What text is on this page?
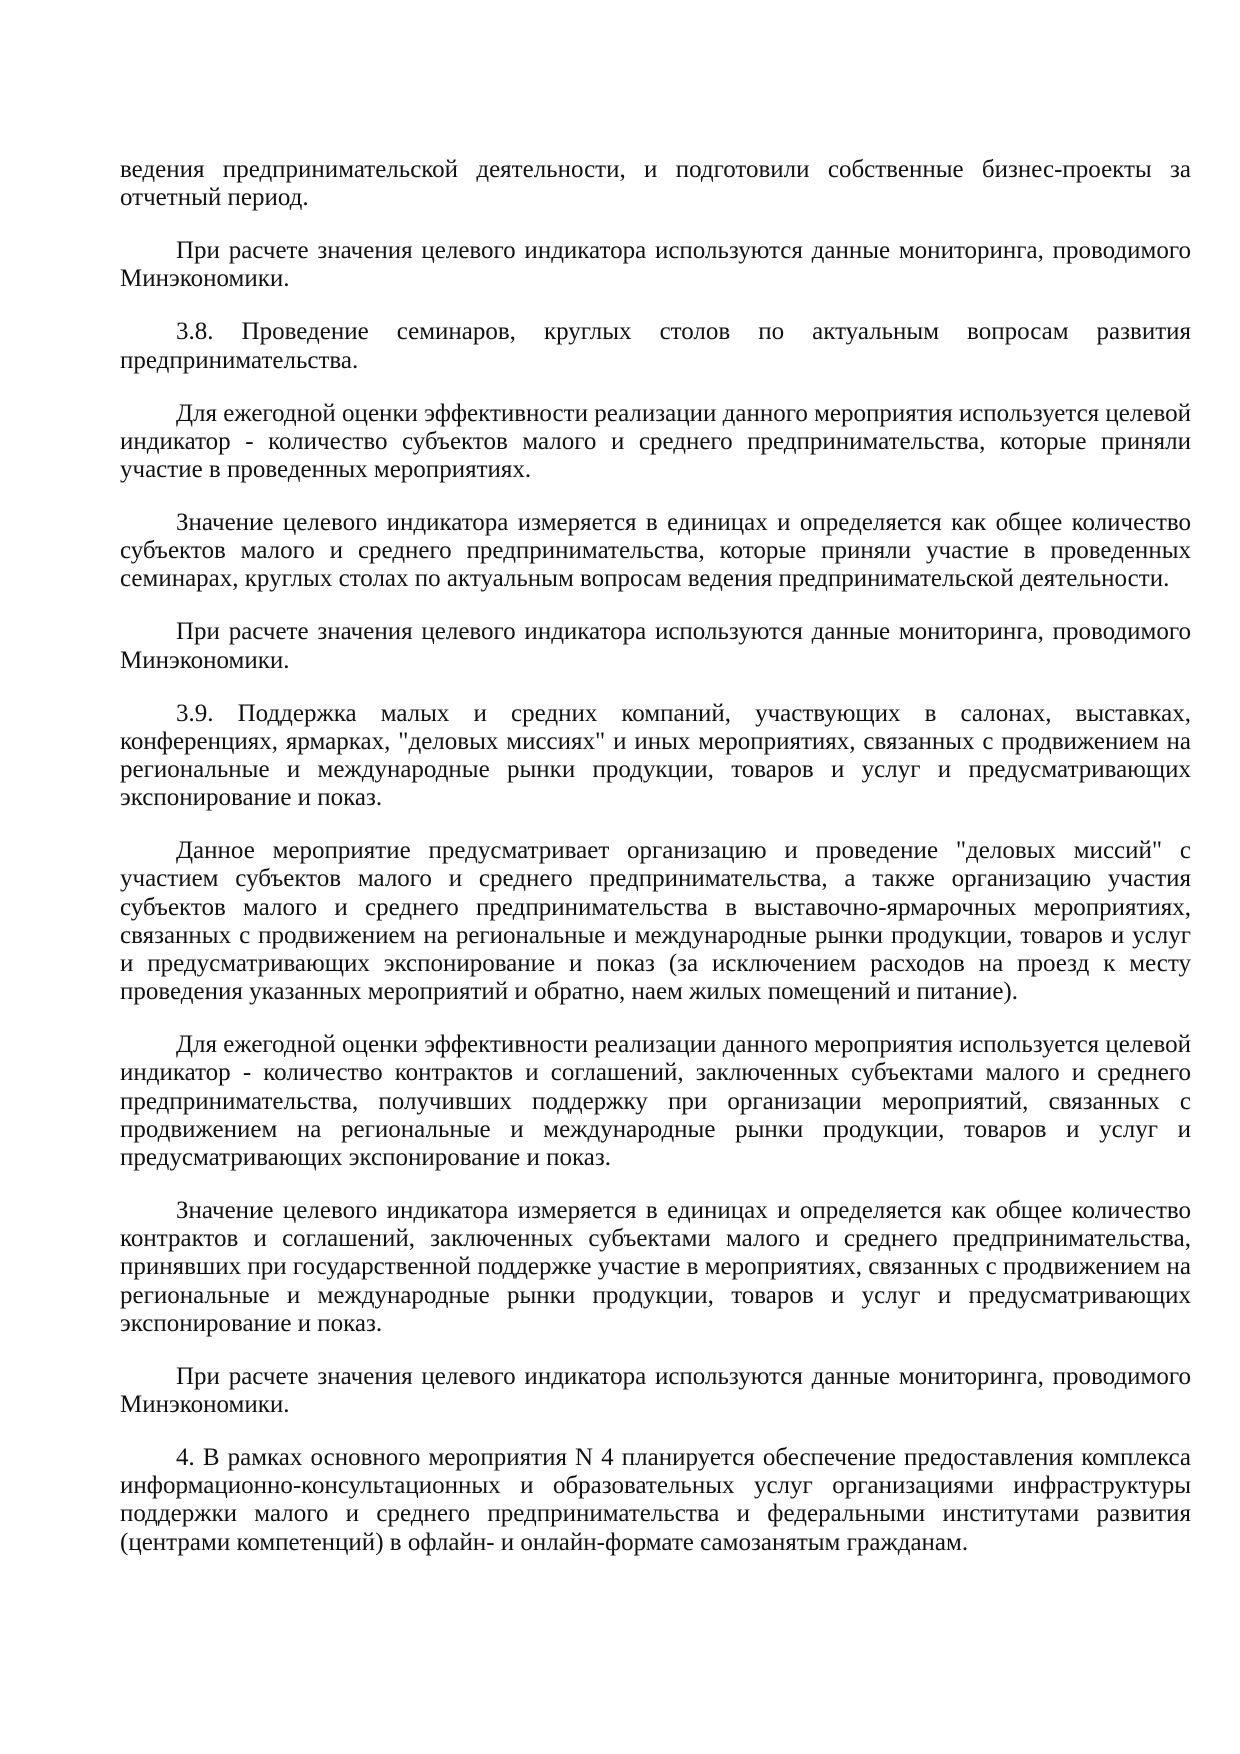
ведения предпринимательской деятельности, и подготовили собственные бизнес-проекты за отчетный период.

При расчете значения целевого индикатора используются данные мониторинга, проводимого Минэкономики.

3.8. Проведение семинаров, круглых столов по актуальным вопросам развития предпринимательства.

Для ежегодной оценки эффективности реализации данного мероприятия используется целевой индикатор - количество субъектов малого и среднего предпринимательства, которые приняли участие в проведенных мероприятиях.

Значение целевого индикатора измеряется в единицах и определяется как общее количество субъектов малого и среднего предпринимательства, которые приняли участие в проведенных семинарах, круглых столах по актуальным вопросам ведения предпринимательской деятельности.

При расчете значения целевого индикатора используются данные мониторинга, проводимого Минэкономики.

3.9. Поддержка малых и средних компаний, участвующих в салонах, выставках, конференциях, ярмарках, "деловых миссиях" и иных мероприятиях, связанных с продвижением на региональные и международные рынки продукции, товаров и услуг и предусматривающих экспонирование и показ.

Данное мероприятие предусматривает организацию и проведение "деловых миссий" с участием субъектов малого и среднего предпринимательства, а также организацию участия субъектов малого и среднего предпринимательства в выставочно-ярмарочных мероприятиях, связанных с продвижением на региональные и международные рынки продукции, товаров и услуг и предусматривающих экспонирование и показ (за исключением расходов на проезд к месту проведения указанных мероприятий и обратно, наем жилых помещений и питание).

Для ежегодной оценки эффективности реализации данного мероприятия используется целевой индикатор - количество контрактов и соглашений, заключенных субъектами малого и среднего предпринимательства, получивших поддержку при организации мероприятий, связанных с продвижением на региональные и международные рынки продукции, товаров и услуг и предусматривающих экспонирование и показ.

Значение целевого индикатора измеряется в единицах и определяется как общее количество контрактов и соглашений, заключенных субъектами малого и среднего предпринимательства, принявших при государственной поддержке участие в мероприятиях, связанных с продвижением на региональные и международные рынки продукции, товаров и услуг и предусматривающих экспонирование и показ.

При расчете значения целевого индикатора используются данные мониторинга, проводимого Минэкономики.

4. В рамках основного мероприятия N 4 планируется обеспечение предоставления комплекса информационно-консультационных и образовательных услуг организациями инфраструктуры поддержки малого и среднего предпринимательства и федеральными институтами развития (центрами компетенций) в офлайн- и онлайн-формате самозанятым гражданам.
